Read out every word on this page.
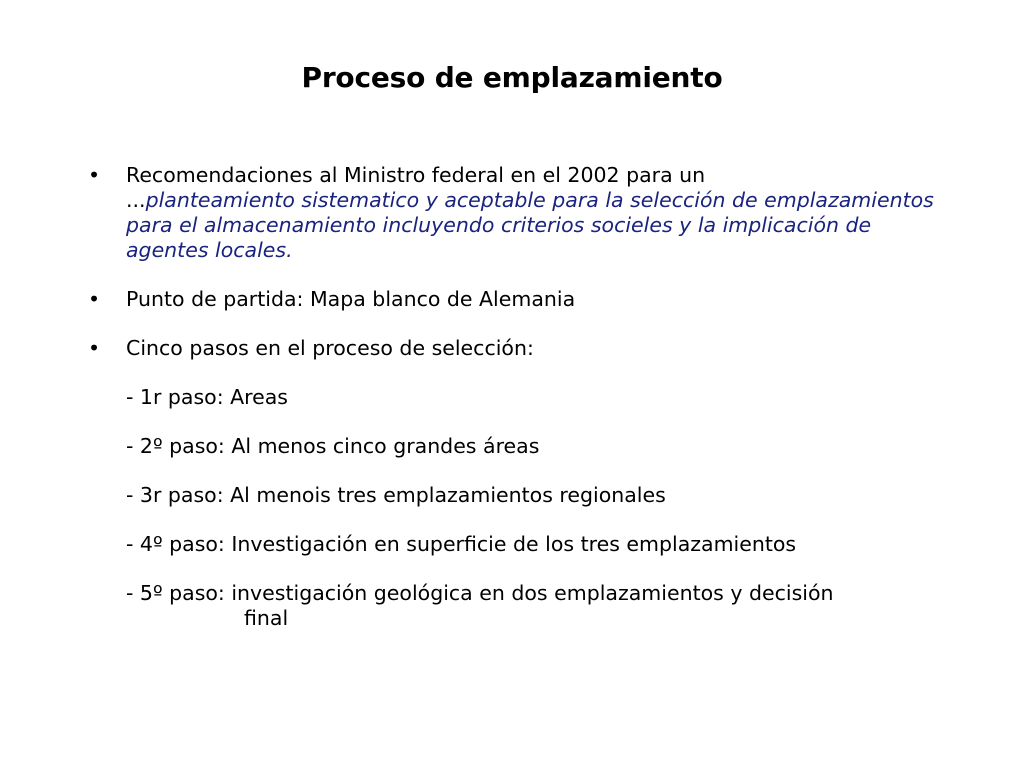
Proceso de emplazamiento
• Recomendaciones al Ministro federal en el 2002 para un
...planteamiento sistematico y aceptable para la selección de emplazamientos para el almacenamiento incluyendo criterios socieles y la implicación de agentes locales.
• Punto de partida: Mapa blanco de Alemania
• Cinco pasos en el proceso de selección:
- 1r paso: Areas
- 2º paso: Al menos cinco grandes áreas
- 3r paso: Al menois tres emplazamientos regionales
- 4º paso: Investigación en superficie de los tres emplazamientos
- 5º paso: investigación geológica en dos emplazamientos y decisión
final
